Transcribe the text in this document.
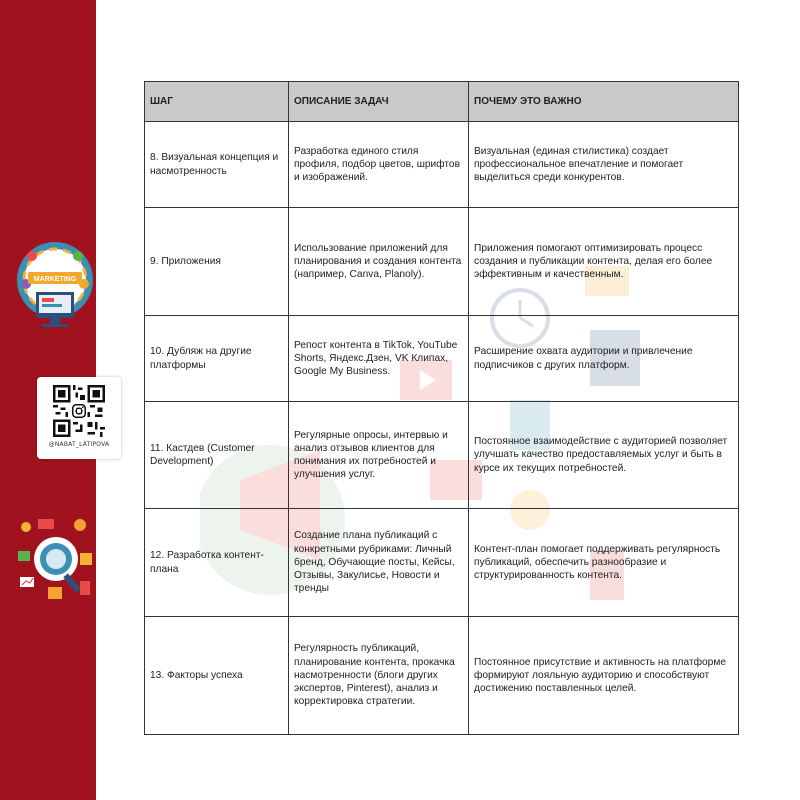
MARKETING
@NABAT_LATIPOVA
ШАГ	ОПИСАНИЕ ЗАДАЧ	ПОЧЕМУ ЭТО ВАЖНО
8. Визуальная концепция и насмотренность	Разработка единого стиля профиля, подбор цветов, шрифтов и изображений.	Визуальная (единая стилистика) создает профессиональное впечатление и помогает выделиться среди конкурентов.
9. Приложения	Использование приложений для планирования и создания контента (например, Canva, Planoly).	Приложения помогают оптимизировать процесс создания и публикации контента, делая его более эффективным и качественным.
10. Дубляж на другие платформы	Репост контента в TikTok, YouTube Shorts, Яндекс.Дзен, VK Клипах, Google My Business.	Расширение охвата аудитории и привлечение подписчиков с других платформ.
11. Кастдев (Customer Development)	Регулярные опросы, интервью и анализ отзывов клиентов для понимания их потребностей и улучшения услуг.	Постоянное взаимодействие с аудиторией позволяет улучшать качество предоставляемых услуг и быть в курсе их текущих потребностей.
12. Разработка контент-плана	Создание плана публикаций с конкретными рубриками: Личный бренд, Обучающие посты, Кейсы, Отзывы, Закулисье, Новости и тренды	Контент-план помогает поддерживать регулярность публикаций, обеспечить разнообразие и структурированность контента.
13. Факторы успеха	Регулярность публикаций, планирование контента, прокачка насмотренности (блоги других экспертов, Pinterest), анализ и корректировка стратегии.	Постоянное присутствие и активность на платформе формируют лояльную аудиторию и способствуют достижению поставленных целей.
